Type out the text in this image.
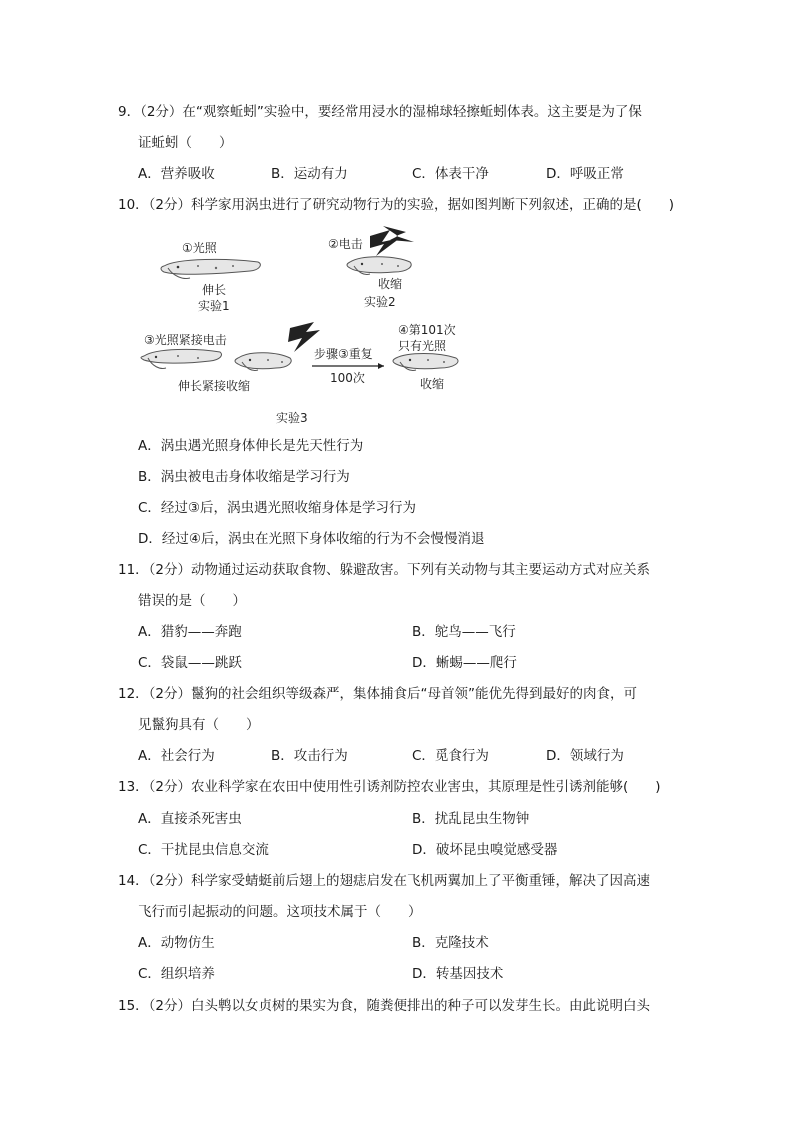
9．（2分）在“观察蚯蚓”实验中，要经常用浸水的湿棉球轻擦蚯蚓体表。这主要是为了保
证蚯蚓（　　）
A．营养吸收	B．运动有力	C．体表干净	D．呼吸正常
10．（2分）科学家用涡虫进行了研究动物行为的实验，据如图判断下列叙述，正确的是(　　)
①光照
伸长
实验1
②电击
收缩
实验2
③光照紧接电击
伸长紧接收缩
步骤③重复
100次
④第101次
只有光照
收缩
实验3
A．涡虫遇光照身体伸长是先天性行为
B．涡虫被电击身体收缩是学习行为
C．经过③后，涡虫遇光照收缩身体是学习行为
D．经过④后，涡虫在光照下身体收缩的行为不会慢慢消退
11．（2分）动物通过运动获取食物、躲避敌害。下列有关动物与其主要运动方式对应关系
错误的是（　　）
A．猎豹——奔跑	B．鸵鸟——飞行
C．袋鼠——跳跃	D．蜥蜴——爬行
12．（2分）鬣狗的社会组织等级森严，集体捕食后“母首领”能优先得到最好的肉食，可
见鬣狗具有（　　）
A．社会行为	B．攻击行为	C．觅食行为	D．领域行为
13．（2分）农业科学家在农田中使用性引诱剂防控农业害虫，其原理是性引诱剂能够(　　)
A．直接杀死害虫	B．扰乱昆虫生物钟
C．干扰昆虫信息交流	D．破坏昆虫嗅觉感受器
14．（2分）科学家受蜻蜓前后翅上的翅痣启发在飞机两翼加上了平衡重锤，解决了因高速
飞行而引起振动的问题。这项技术属于（　　）
A．动物仿生	B．克隆技术
C．组织培养	D．转基因技术
15．（2分）白头鹎以女贞树的果实为食，随粪便排出的种子可以发芽生长。由此说明白头
